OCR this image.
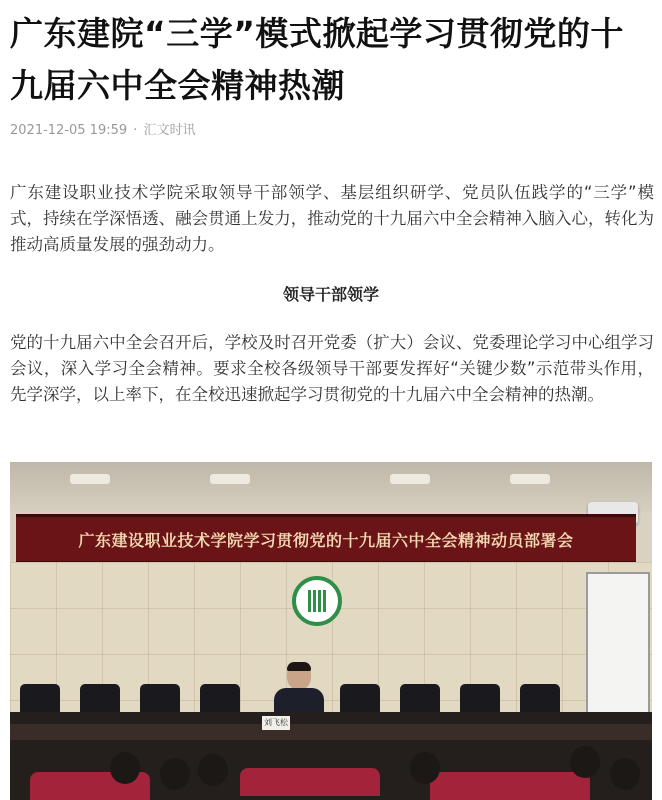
广东建院“三学”模式掀起学习贯彻党的十九届六中全会精神热潮
2021-12-05 19:59 · 汇文时讯

广东建设职业技术学院采取领导干部领学、基层组织研学、党员队伍践学的“三学”模式，持续在学深悟透、融会贯通上发力，推动党的十九届六中全会精神入脑入心，转化为推动高质量发展的强劲动力。

领导干部领学

党的十九届六中全会召开后，学校及时召开党委（扩大）会议、党委理论学习中心组学习会议，深入学习全会精神。要求全校各级领导干部要发挥好“关键少数”示范带头作用，先学深学，以上率下，在全校迅速掀起学习贯彻党的十九届六中全会精神的热潮。

广东建设职业技术学院学习贯彻党的十九届六中全会精神动员部署会
刘飞松
